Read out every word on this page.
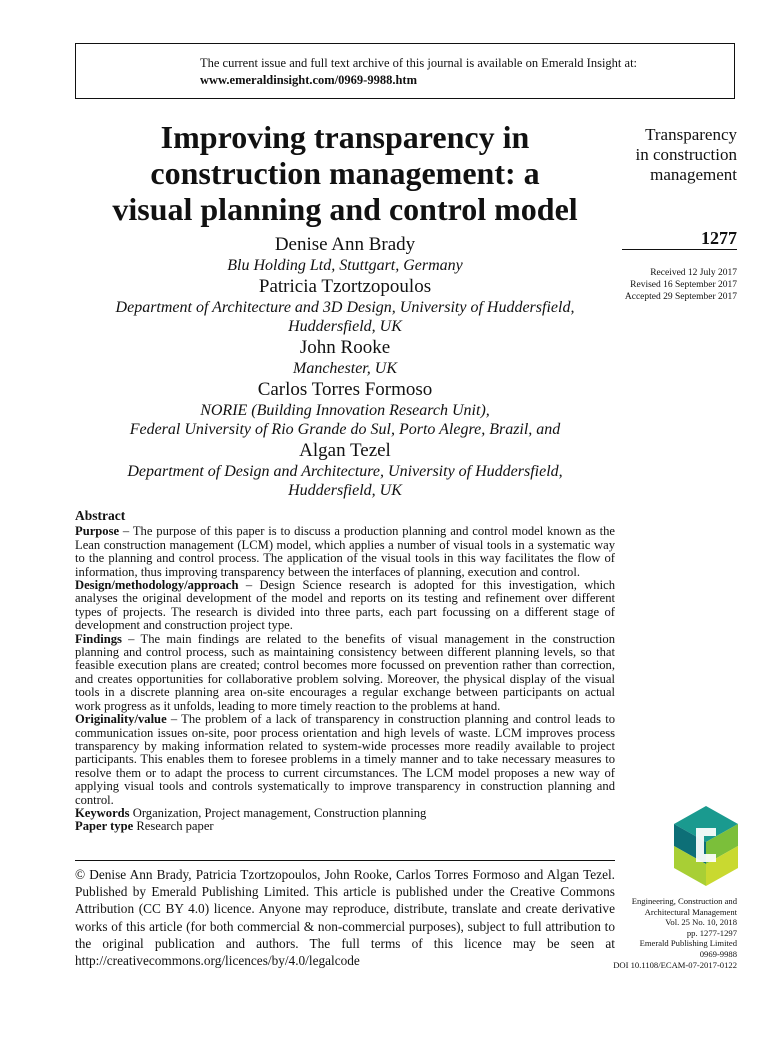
The current issue and full text archive of this journal is available on Emerald Insight at:
www.emeraldinsight.com/0969-9988.htm
Improving transparency in
construction management: a
visual planning and control model
Denise Ann Brady
Blu Holding Ltd, Stuttgart, Germany
Patricia Tzortzopoulos
Department of Architecture and 3D Design, University of Huddersfield,
Huddersfield, UK
John Rooke
Manchester, UK
Carlos Torres Formoso
NORIE (Building Innovation Research Unit),
Federal University of Rio Grande do Sul, Porto Alegre, Brazil, and
Algan Tezel
Department of Design and Architecture, University of Huddersfield,
Huddersfield, UK
Transparency
in construction
management
1277
Received 12 July 2017
Revised 16 September 2017
Accepted 29 September 2017
Abstract

Purpose – The purpose of this paper is to discuss a production planning and control model known as the Lean construction management (LCM) model, which applies a number of visual tools in a systematic way to the planning and control process. The application of the visual tools in this way facilitates the flow of information, thus improving transparency between the interfaces of planning, execution and control.

Design/methodology/approach – Design Science research is adopted for this investigation, which analyses the original development of the model and reports on its testing and refinement over different types of projects. The research is divided into three parts, each part focussing on a different stage of development and construction project type.

Findings – The main findings are related to the benefits of visual management in the construction planning and control process, such as maintaining consistency between different planning levels, so that feasible execution plans are created; control becomes more focussed on prevention rather than correction, and creates opportunities for collaborative problem solving. Moreover, the physical display of the visual tools in a discrete planning area on-site encourages a regular exchange between participants on actual work progress as it unfolds, leading to more timely reaction to the problems at hand.

Originality/value – The problem of a lack of transparency in construction planning and control leads to communication issues on-site, poor process orientation and high levels of waste. LCM improves process transparency by making information related to system-wide processes more readily available to project participants. This enables them to foresee problems in a timely manner and to take necessary measures to resolve them or to adapt the process to current circumstances. The LCM model proposes a new way of applying visual tools and controls systematically to improve transparency in construction planning and control.

Keywords Organization, Project management, Construction planning

Paper type Research paper

© Denise Ann Brady, Patricia Tzortzopoulos, John Rooke, Carlos Torres Formoso and Algan Tezel. Published by Emerald Publishing Limited. This article is published under the Creative Commons Attribution (CC BY 4.0) licence. Anyone may reproduce, distribute, translate and create derivative works of this article (for both commercial & non-commercial purposes), subject to full attribution to the original publication and authors. The full terms of this licence may be seen at http://creativecommons.org/licences/by/4.0/legalcode
Engineering, Construction and
Architectural Management
Vol. 25 No. 10, 2018
pp. 1277-1297
Emerald Publishing Limited
0969-9988
DOI 10.1108/ECAM-07-2017-0122
